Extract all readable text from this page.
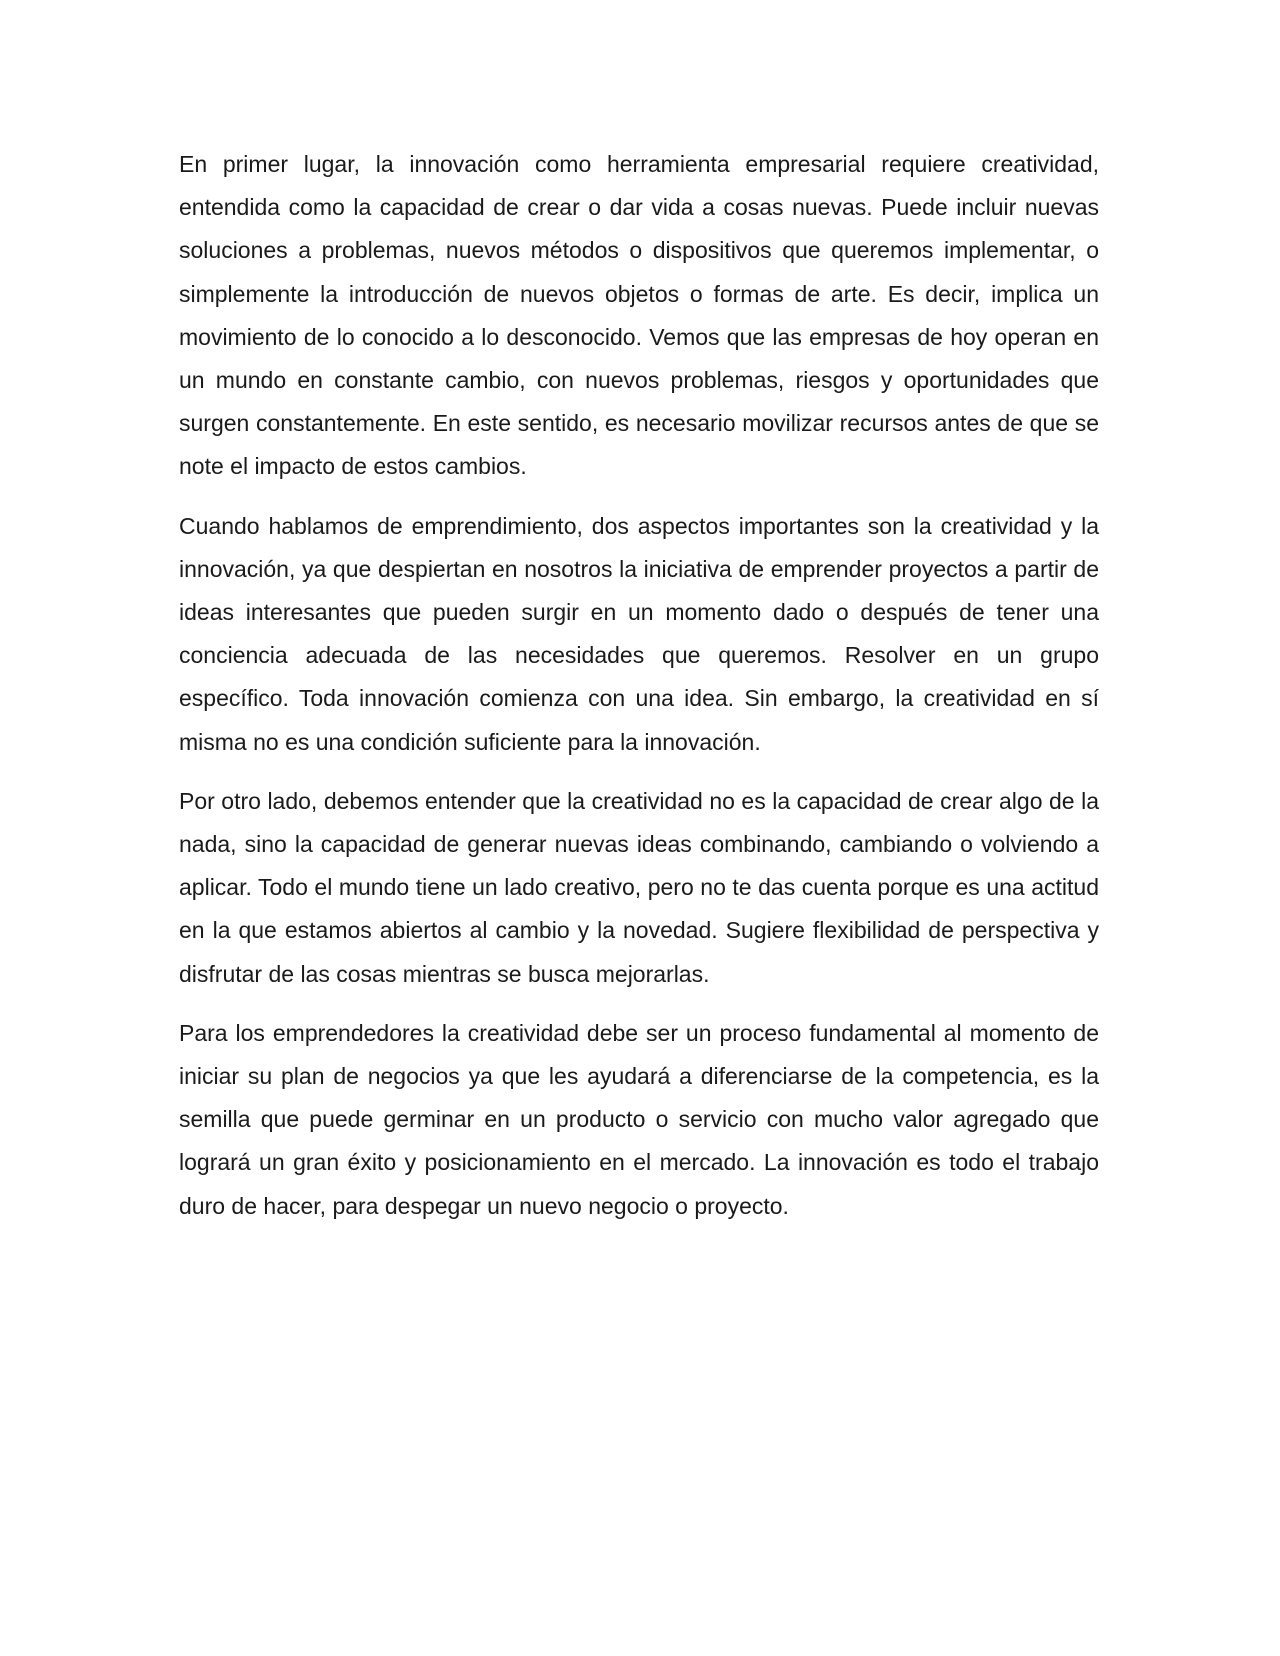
En primer lugar, la innovación como herramienta empresarial requiere creatividad, entendida como la capacidad de crear o dar vida a cosas nuevas. Puede incluir nuevas soluciones a problemas, nuevos métodos o dispositivos que queremos implementar, o simplemente la introducción de nuevos objetos o formas de arte. Es decir, implica un movimiento de lo conocido a lo desconocido. Vemos que las empresas de hoy operan en un mundo en constante cambio, con nuevos problemas, riesgos y oportunidades que surgen constantemente. En este sentido, es necesario movilizar recursos antes de que se note el impacto de estos cambios.

Cuando hablamos de emprendimiento, dos aspectos importantes son la creatividad y la innovación, ya que despiertan en nosotros la iniciativa de emprender proyectos a partir de ideas interesantes que pueden surgir en un momento dado o después de tener una conciencia adecuada de las necesidades que queremos. Resolver en un grupo específico. Toda innovación comienza con una idea. Sin embargo, la creatividad en sí misma no es una condición suficiente para la innovación.

Por otro lado, debemos entender que la creatividad no es la capacidad de crear algo de la nada, sino la capacidad de generar nuevas ideas combinando, cambiando o volviendo a aplicar. Todo el mundo tiene un lado creativo, pero no te das cuenta porque es una actitud en la que estamos abiertos al cambio y la novedad. Sugiere flexibilidad de perspectiva y disfrutar de las cosas mientras se busca mejorarlas.

Para los emprendedores la creatividad debe ser un proceso fundamental al momento de iniciar su plan de negocios ya que les ayudará a diferenciarse de la competencia, es la semilla que puede germinar en un producto o servicio con mucho valor agregado que logrará un gran éxito y posicionamiento en el mercado. La innovación es todo el trabajo duro de hacer, para despegar un nuevo negocio o proyecto.
